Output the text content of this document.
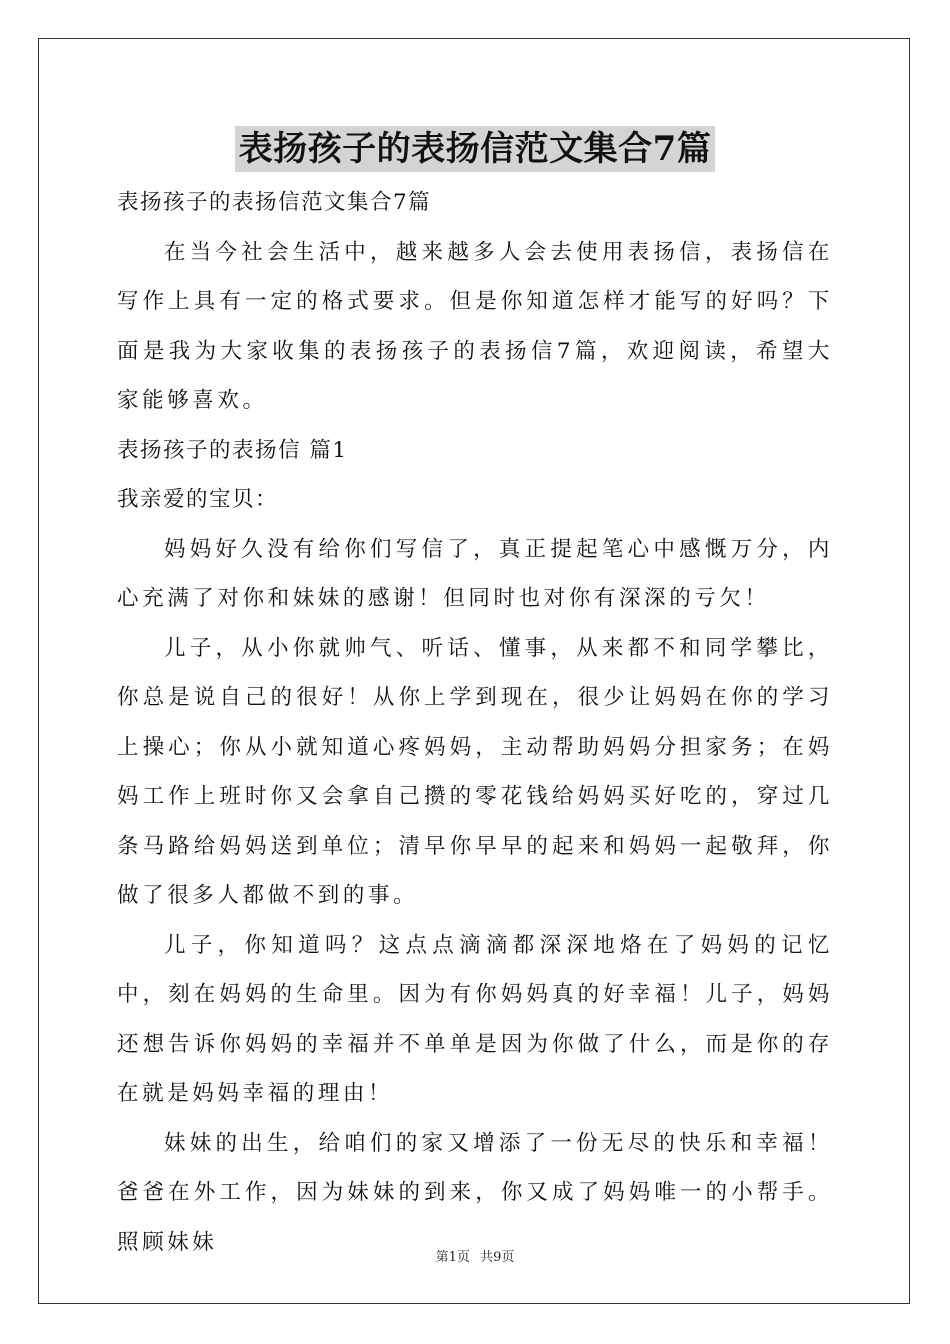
表扬孩子的表扬信范文集合7篇

表扬孩子的表扬信范文集合7篇

在当今社会生活中，越来越多人会去使用表扬信，表扬信在写作上具有一定的格式要求。但是你知道怎样才能写的好吗？下面是我为大家收集的表扬孩子的表扬信7篇，欢迎阅读，希望大家能够喜欢。

表扬孩子的表扬信 篇1

我亲爱的宝贝：

妈妈好久没有给你们写信了，真正提起笔心中感慨万分，内心充满了对你和妹妹的感谢！但同时也对你有深深的亏欠！

儿子，从小你就帅气、听话、懂事，从来都不和同学攀比，你总是说自己的很好！从你上学到现在，很少让妈妈在你的学习上操心；你从小就知道心疼妈妈，主动帮助妈妈分担家务；在妈妈工作上班时你又会拿自己攒的零花钱给妈妈买好吃的，穿过几条马路给妈妈送到单位；清早你早早的起来和妈妈一起敬拜，你做了很多人都做不到的事。

儿子，你知道吗？这点点滴滴都深深地烙在了妈妈的记忆中，刻在妈妈的生命里。因为有你妈妈真的好幸福！儿子，妈妈还想告诉你妈妈的幸福并不单单是因为你做了什么，而是你的存在就是妈妈幸福的理由！

妹妹的出生，给咱们的家又增添了一份无尽的快乐和幸福！爸爸在外工作，因为妹妹的到来，你又成了妈妈唯一的小帮手。照顾妹妹

第1页 共9页
